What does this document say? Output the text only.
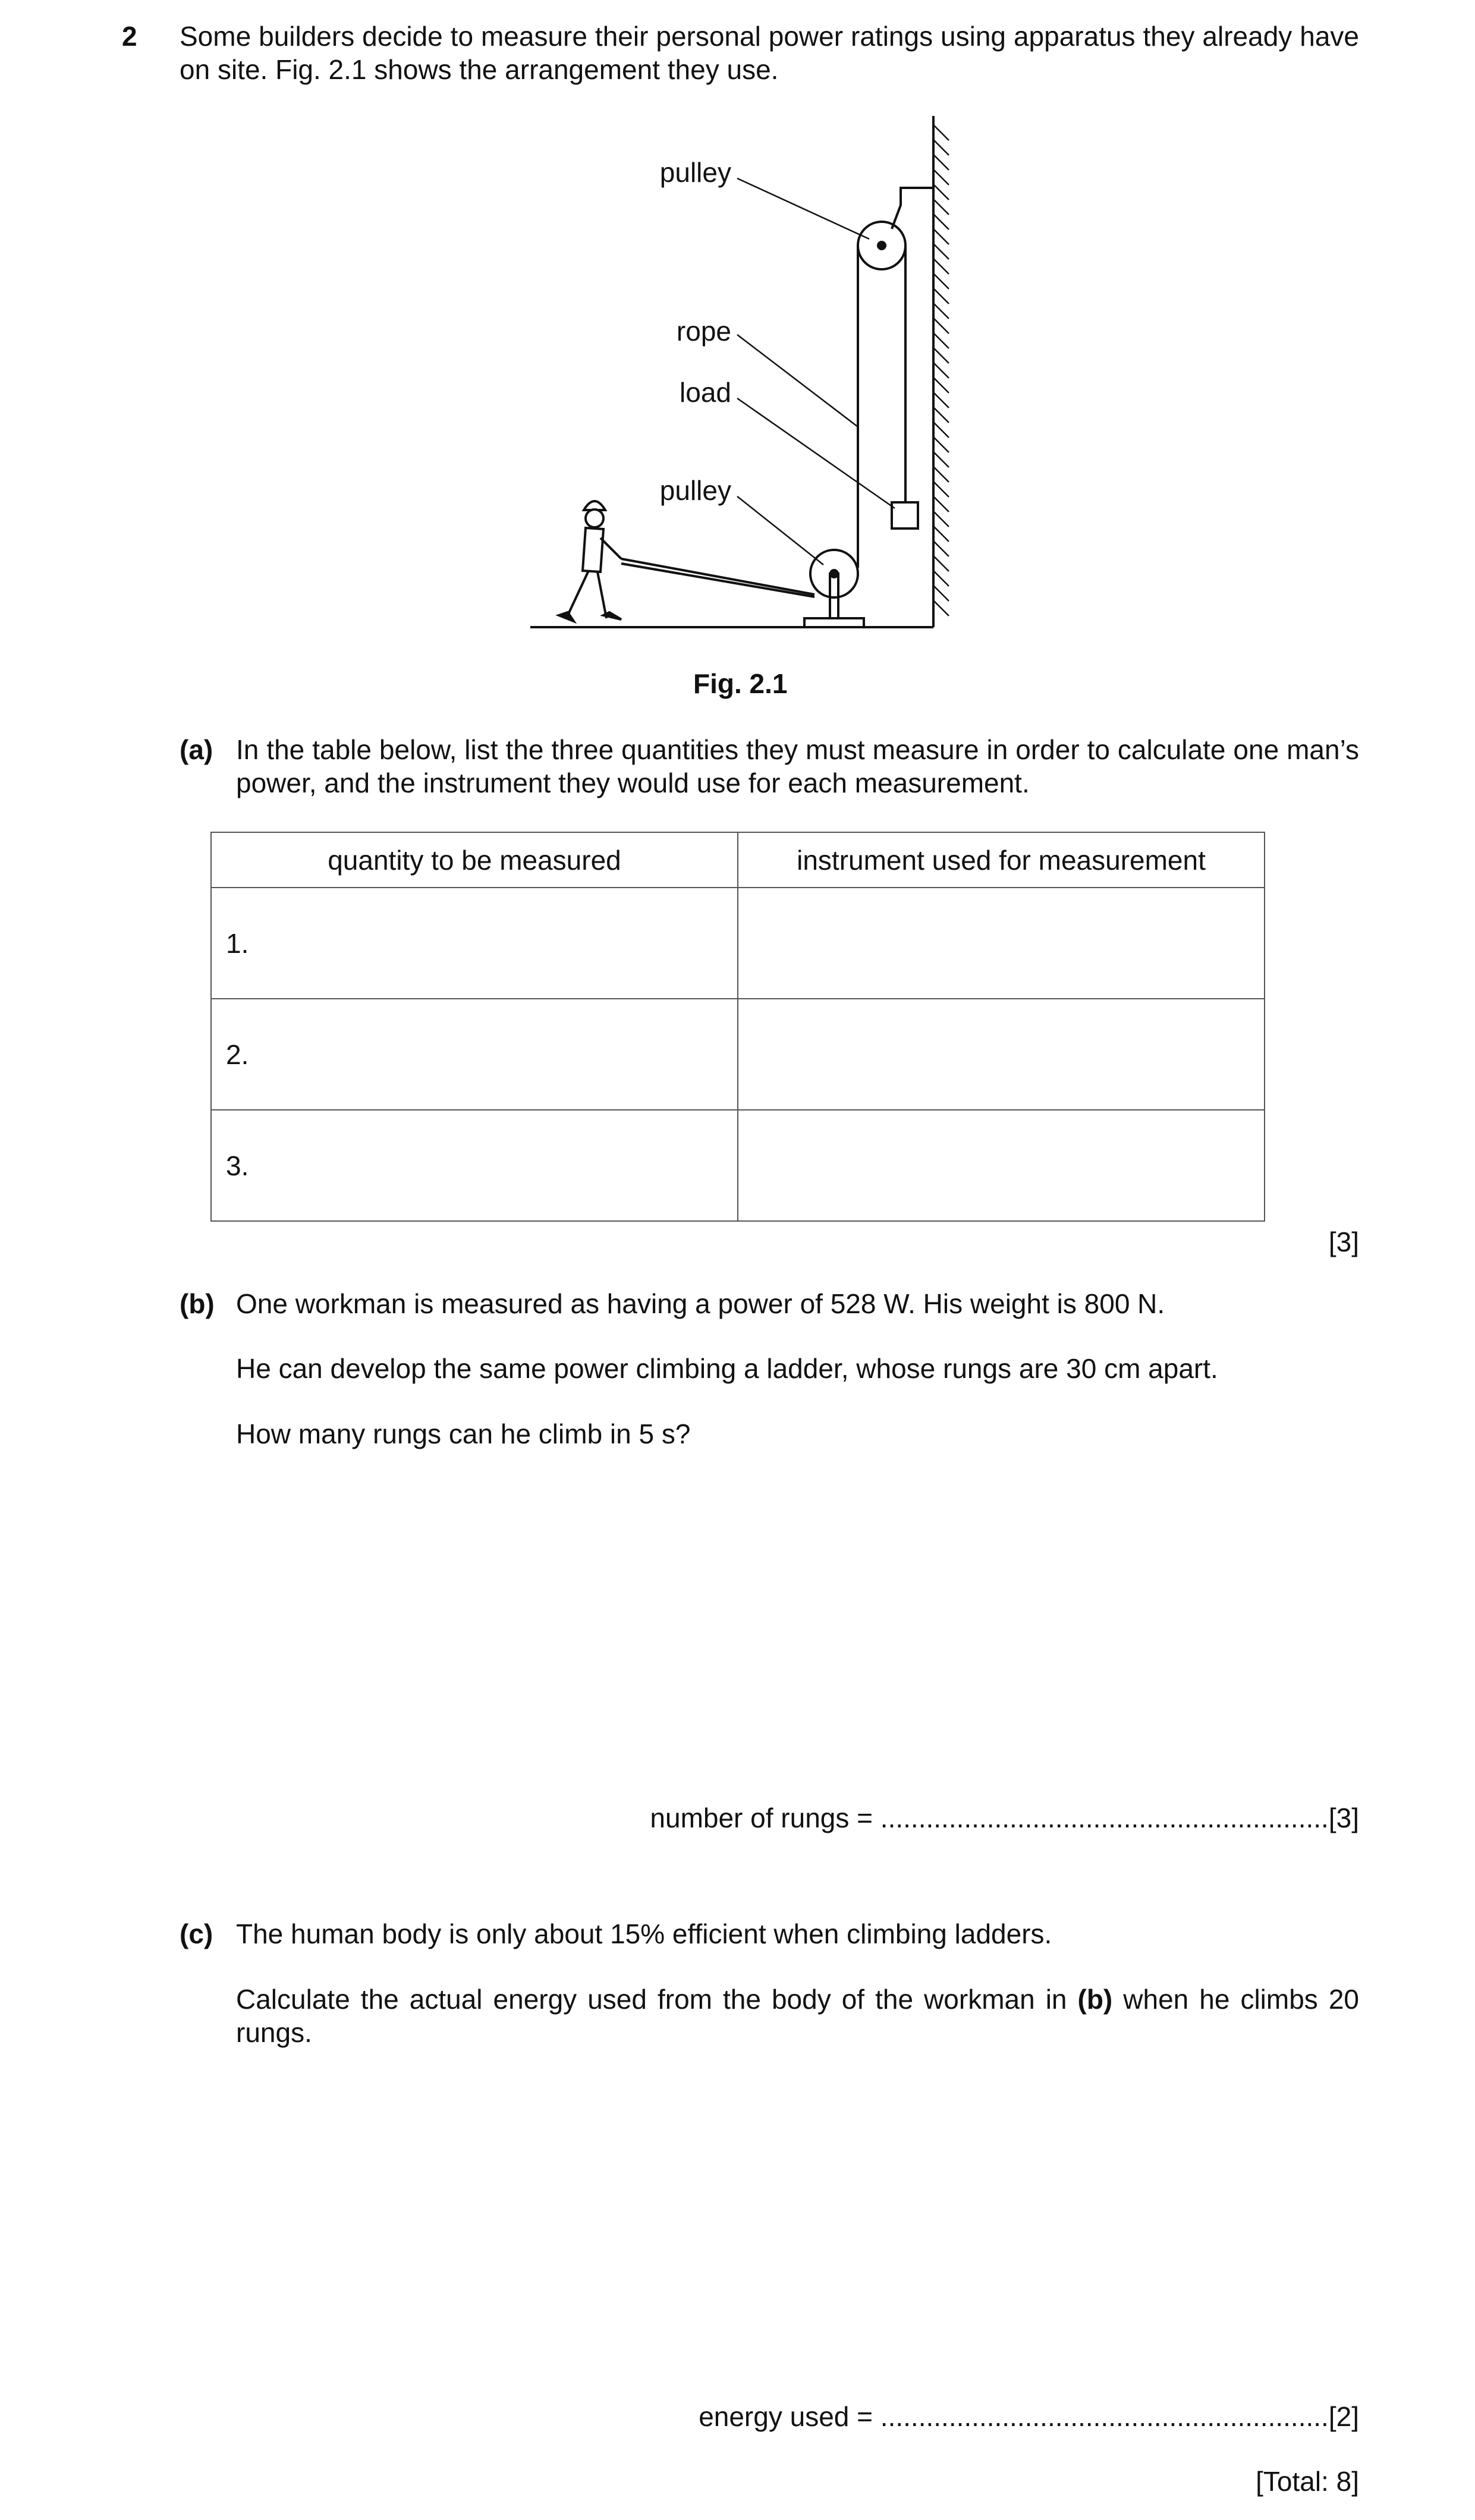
2 Some builders decide to measure their personal power ratings using apparatus they already have on site. Fig. 2.1 shows the arrangement they use.
pulley
rope
load
pulley
Fig. 2.1
(a) In the table below, list the three quantities they must measure in order to calculate one man’s power, and the instrument they would use for each measurement.
quantity to be measured	instrument used for measurement
1.	
2.	
3.	
[3]
(b) One workman is measured as having a power of 528 W. His weight is 800 N.
He can develop the same power climbing a ladder, whose rungs are 30 cm apart.
How many rungs can he climb in 5 s?
number of rungs = ...........................................................[3]
(c) The human body is only about 15% efficient when climbing ladders.
Calculate the actual energy used from the body of the workman in (b) when he climbs 20 rungs.
energy used = ...........................................................[2]
[Total: 8]
